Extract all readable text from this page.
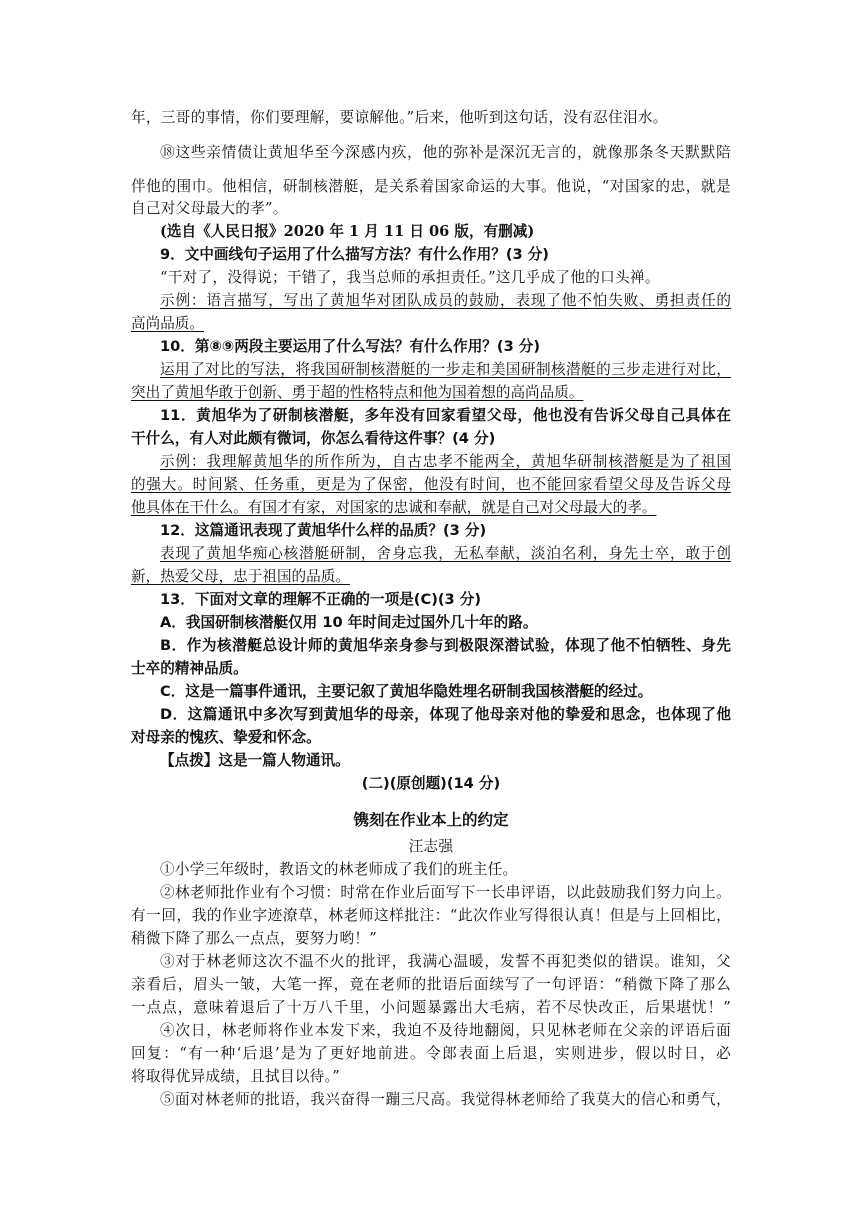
年，三哥的事情，你们要理解，要谅解他。”后来，他听到这句话，没有忍住泪水。
⑱这些亲情债让黄旭华至今深感内疚，他的弥补是深沉无言的，就像那条冬天默默陪
伴他的围巾。他相信，研制核潜艇，是关系着国家命运的大事。他说，“对国家的忠，就是
自己对父母最大的孝”。
(选自《人民日报》2020 年 1 月 11 日 06 版，有删减)
9．文中画线句子运用了什么描写方法？有什么作用？(3 分)
“干对了，没得说；干错了，我当总师的承担责任。”这几乎成了他的口头禅。
示例：语言描写，写出了黄旭华对团队成员的鼓励，表现了他不怕失败、勇担责任的
高尚品质。
10．第⑧⑨两段主要运用了什么写法？有什么作用？(3 分)
运用了对比的写法，将我国研制核潜艇的一步走和美国研制核潜艇的三步走进行对比，
突出了黄旭华敢于创新、勇于超的性格特点和他为国着想的高尚品质。
11．黄旭华为了研制核潜艇，多年没有回家看望父母，他也没有告诉父母自己具体在
干什么，有人对此颇有微词，你怎么看待这件事？(4 分)
示例：我理解黄旭华的所作所为，自古忠孝不能两全，黄旭华研制核潜艇是为了祖国
的强大。时间紧、任务重，更是为了保密，他没有时间，也不能回家看望父母及告诉父母
他具体在干什么。有国才有家，对国家的忠诚和奉献，就是自己对父母最大的孝。
12．这篇通讯表现了黄旭华什么样的品质？(3 分)
表现了黄旭华痴心核潜艇研制，舍身忘我，无私奉献，淡泊名利，身先士卒，敢于创
新，热爱父母，忠于祖国的品质。
13．下面对文章的理解不正确的一项是(C)(3 分)
A．我国研制核潜艇仅用 10 年时间走过国外几十年的路。
B．作为核潜艇总设计师的黄旭华亲身参与到极限深潜试验，体现了他不怕牺牲、身先
士卒的精神品质。
C．这是一篇事件通讯，主要记叙了黄旭华隐姓埋名研制我国核潜艇的经过。
D．这篇通讯中多次写到黄旭华的母亲，体现了他母亲对他的挚爱和思念，也体现了他
对母亲的愧疚、挚爱和怀念。
【点拨】这是一篇人物通讯。
(二)(原创题)(14 分)
镌刻在作业本上的约定
汪志强
①小学三年级时，教语文的林老师成了我们的班主任。
②林老师批作业有个习惯：时常在作业后面写下一长串评语，以此鼓励我们努力向上。
有一回，我的作业字迹潦草，林老师这样批注：“此次作业写得很认真！但是与上回相比，
稍微下降了那么一点点，要努力哟！”
③对于林老师这次不温不火的批评，我满心温暖，发誓不再犯类似的错误。谁知，父
亲看后，眉头一皱，大笔一挥，竟在老师的批语后面续写了一句评语：“稍微下降了那么
一点点，意味着退后了十万八千里，小问题暴露出大毛病，若不尽快改正，后果堪忧！”
④次日，林老师将作业本发下来，我迫不及待地翻阅，只见林老师在父亲的评语后面
回复：“有一种‘后退’是为了更好地前进。令郎表面上后退，实则进步，假以时日，必
将取得优异成绩，且拭目以待。”
⑤面对林老师的批语，我兴奋得一蹦三尺高。我觉得林老师给了我莫大的信心和勇气，
